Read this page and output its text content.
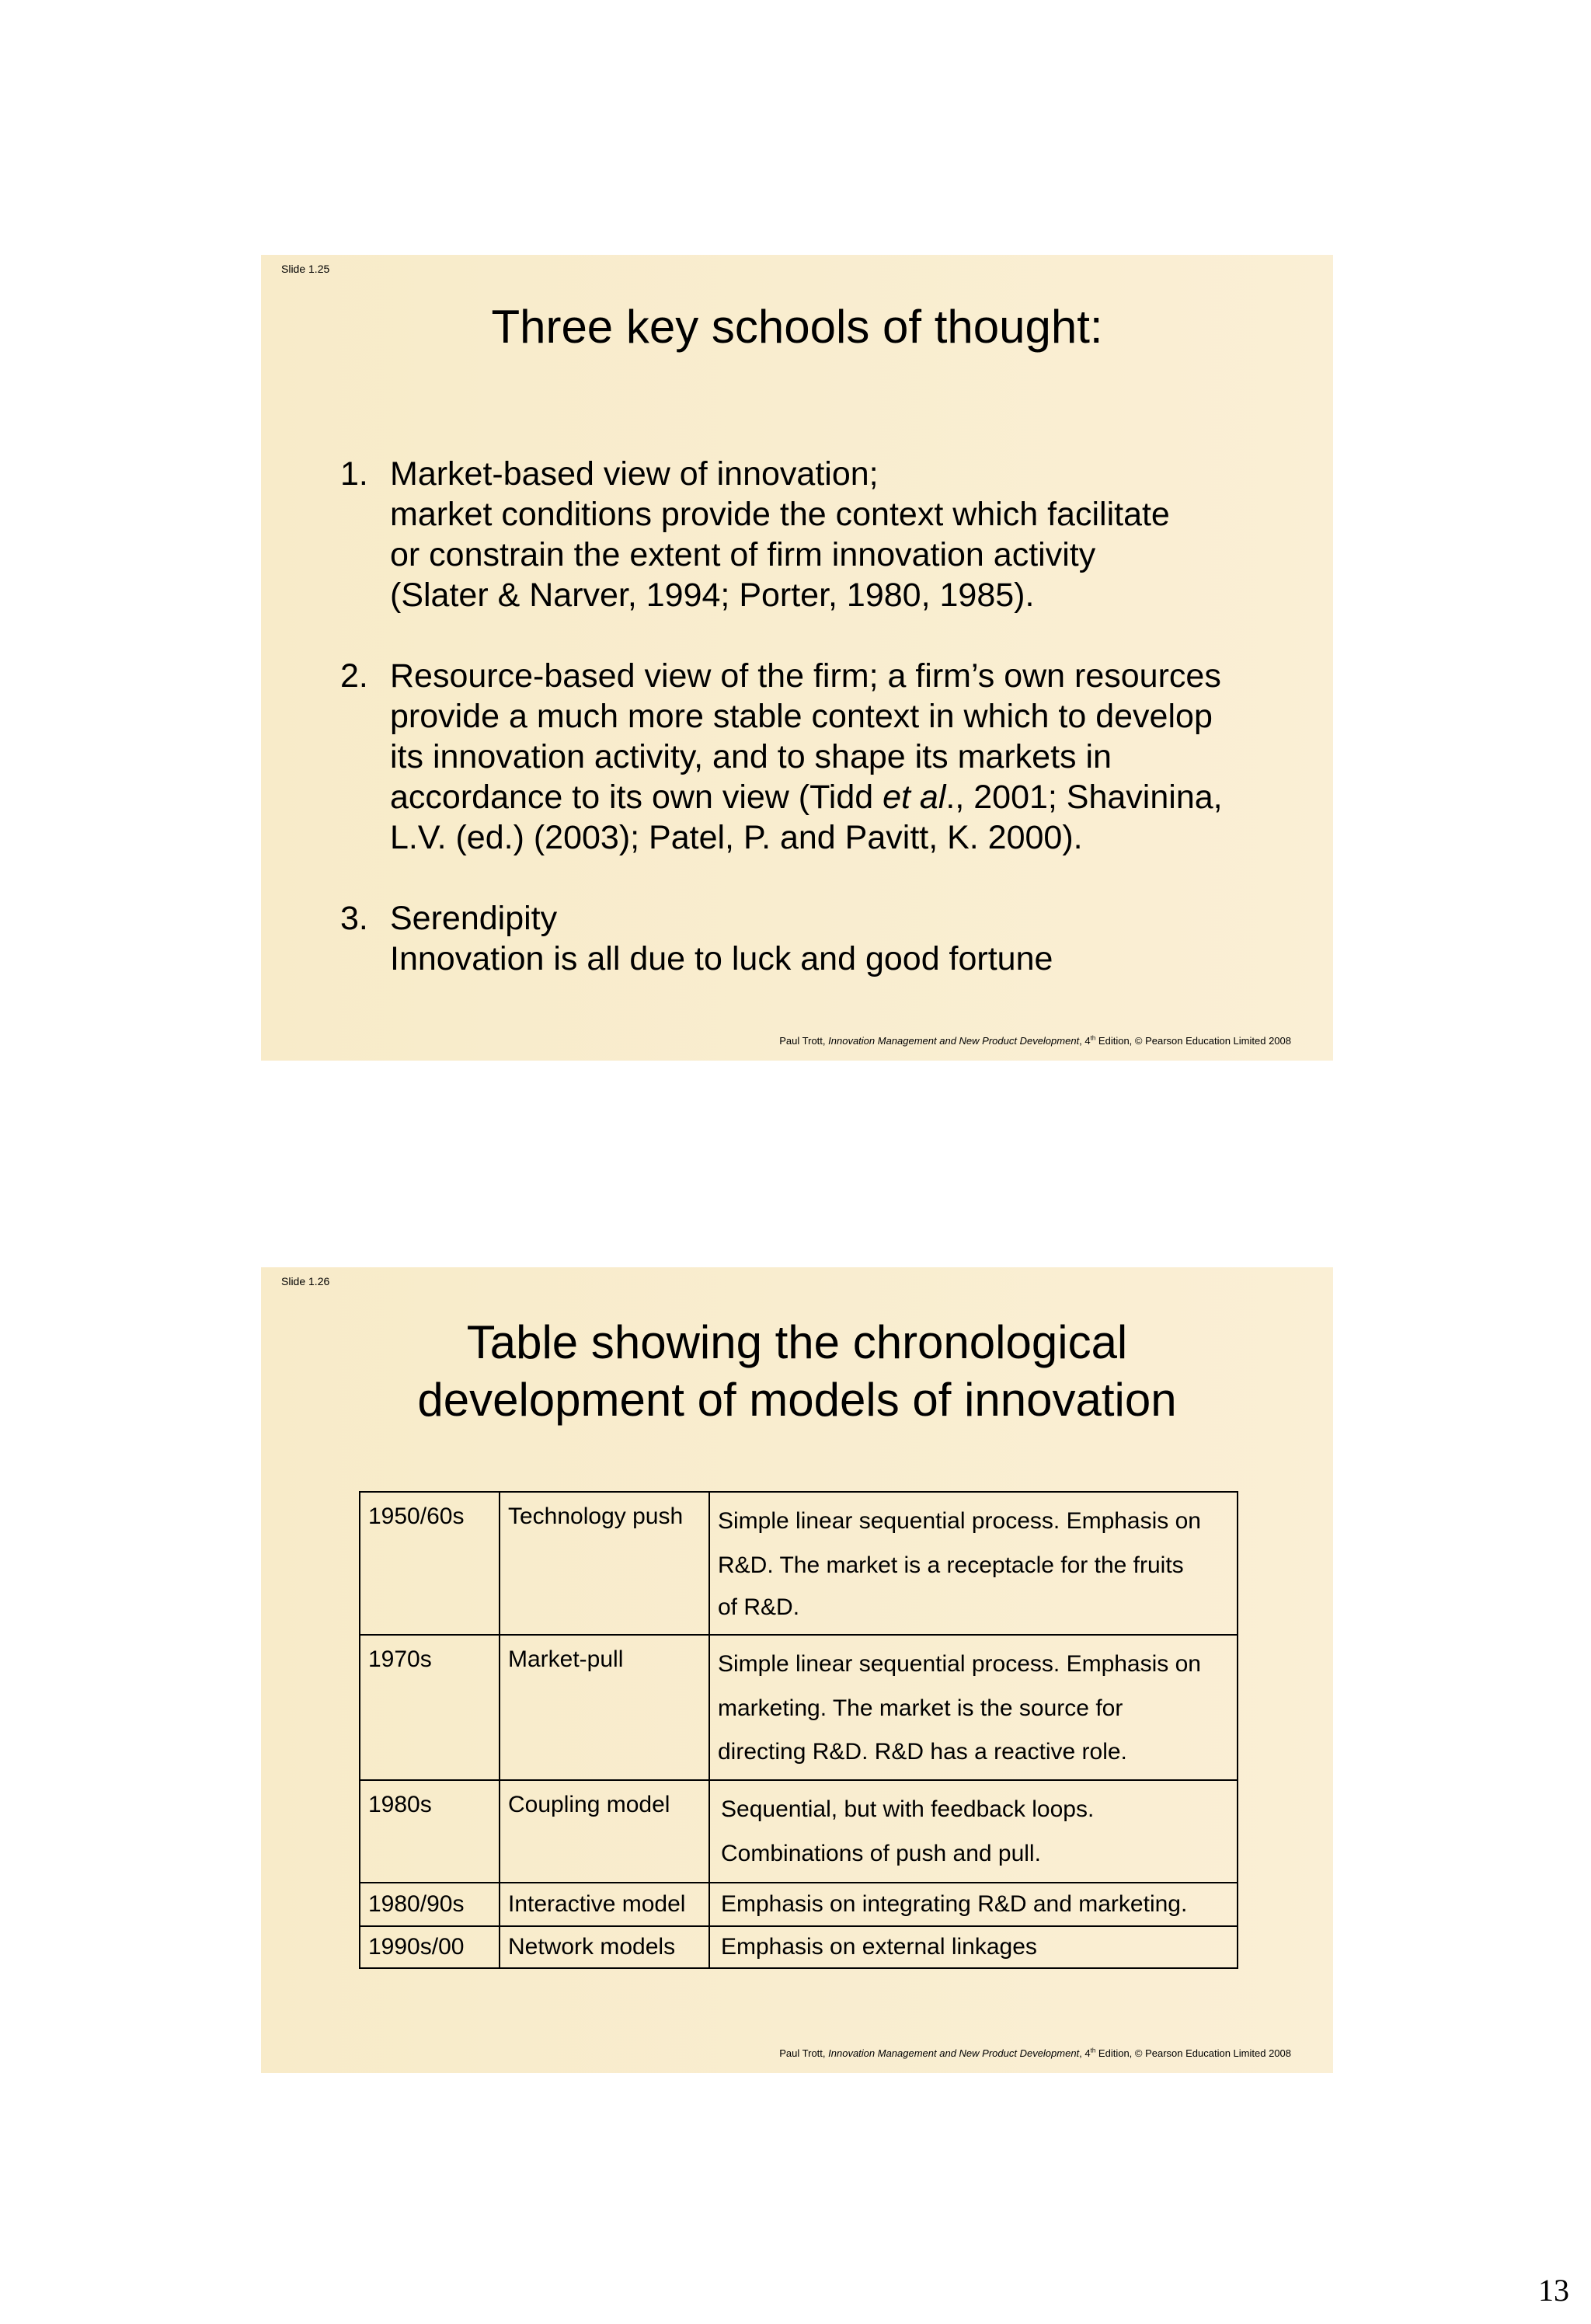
Slide 1.25
Three key schools of thought:
1. Market-based view of innovation;
market conditions provide the context which facilitate
or constrain the extent of firm innovation activity
(Slater & Narver, 1994; Porter, 1980, 1985).
2. Resource-based view of the firm; a firm’s own resources
provide a much more stable context in which to develop
its innovation activity, and to shape its markets in
accordance to its own view (Tidd et al., 2001; Shavinina,
L.V. (ed.) (2003); Patel, P. and Pavitt, K. 2000).
3. Serendipity
Innovation is all due to luck and good fortune
Paul Trott, Innovation Management and New Product Development, 4th Edition, © Pearson Education Limited 2008
Slide 1.26
Table showing the chronological
development of models of innovation
1950/60s	Technology push	Simple linear sequential process. Emphasis on
R&D. The market is a receptacle for the fruits
of R&D.

1970s	Market-pull	Simple linear sequential process. Emphasis on
marketing. The market is the source for
directing R&D. R&D has a reactive role.

1980s	Coupling model	Sequential, but with feedback loops.
Combinations of push and pull.

1980/90s	Interactive model	Emphasis on integrating R&D and marketing.

1990s/00	Network models	Emphasis on external linkages
Paul Trott, Innovation Management and New Product Development, 4th Edition, © Pearson Education Limited 2008
13
